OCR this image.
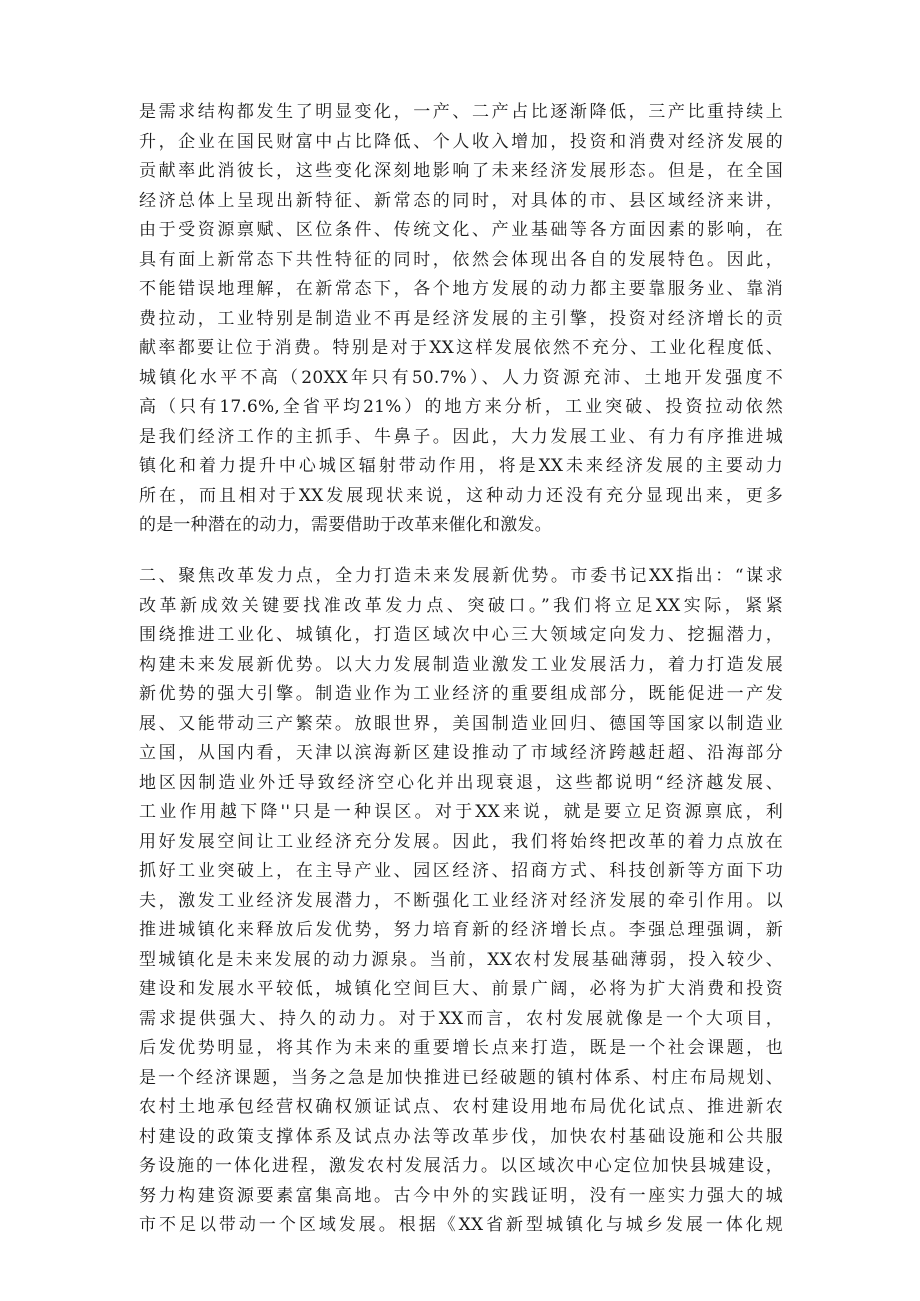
是需求结构都发生了明显变化，一产、二产占比逐渐降低，三产比重持续上
升，企业在国民财富中占比降低、个人收入增加，投资和消费对经济发展的
贡献率此消彼长，这些变化深刻地影响了未来经济发展形态。但是，在全国
经济总体上呈现出新特征、新常态的同时，对具体的市、县区域经济来讲，
由于受资源禀赋、区位条件、传统文化、产业基础等各方面因素的影响，在
具有面上新常态下共性特征的同时，依然会体现出各自的发展特色。因此，
不能错误地理解，在新常态下，各个地方发展的动力都主要靠服务业、靠消
费拉动，工业特别是制造业不再是经济发展的主引擎，投资对经济增长的贡
献率都要让位于消费。特别是对于XX这样发展依然不充分、工业化程度低、
城镇化水平不高（20XX年只有50.7%）、人力资源充沛、土地开发强度不
高（只有17.6%,全省平均21%）的地方来分析，工业突破、投资拉动依然
是我们经济工作的主抓手、牛鼻子。因此，大力发展工业、有力有序推进城
镇化和着力提升中心城区辐射带动作用，将是XX未来经济发展的主要动力
所在，而且相对于XX发展现状来说，这种动力还没有充分显现出来，更多
的是一种潜在的动力，需要借助于改革来催化和激发。
二、聚焦改革发力点，全力打造未来发展新优势。市委书记XX指出：“谋求
改革新成效关键要找准改革发力点、突破口。”我们将立足XX实际，紧紧
围绕推进工业化、城镇化，打造区域次中心三大领域定向发力、挖掘潜力，
构建未来发展新优势。以大力发展制造业激发工业发展活力，着力打造发展
新优势的强大引擎。制造业作为工业经济的重要组成部分，既能促进一产发
展、又能带动三产繁荣。放眼世界，美国制造业回归、德国等国家以制造业
立国，从国内看，天津以滨海新区建设推动了市域经济跨越赶超、沿海部分
地区因制造业外迁导致经济空心化并出现衰退，这些都说明“经济越发展、
工业作用越下降''只是一种误区。对于XX来说，就是要立足资源禀底，利
用好发展空间让工业经济充分发展。因此，我们将始终把改革的着力点放在
抓好工业突破上，在主导产业、园区经济、招商方式、科技创新等方面下功
夫，激发工业经济发展潜力，不断强化工业经济对经济发展的牵引作用。以
推进城镇化来释放后发优势，努力培育新的经济增长点。李强总理强调，新
型城镇化是未来发展的动力源泉。当前，XX农村发展基础薄弱，投入较少、
建设和发展水平较低，城镇化空间巨大、前景广阔，必将为扩大消费和投资
需求提供强大、持久的动力。对于XX而言，农村发展就像是一个大项目，
后发优势明显，将其作为未来的重要增长点来打造，既是一个社会课题，也
是一个经济课题，当务之急是加快推进已经破题的镇村体系、村庄布局规划、
农村土地承包经营权确权颁证试点、农村建设用地布局优化试点、推进新农
村建设的政策支撑体系及试点办法等改革步伐，加快农村基础设施和公共服
务设施的一体化进程，激发农村发展活力。以区域次中心定位加快县城建设，
努力构建资源要素富集高地。古今中外的实践证明，没有一座实力强大的城
市不足以带动一个区域发展。根据《XX省新型城镇化与城乡发展一体化规
